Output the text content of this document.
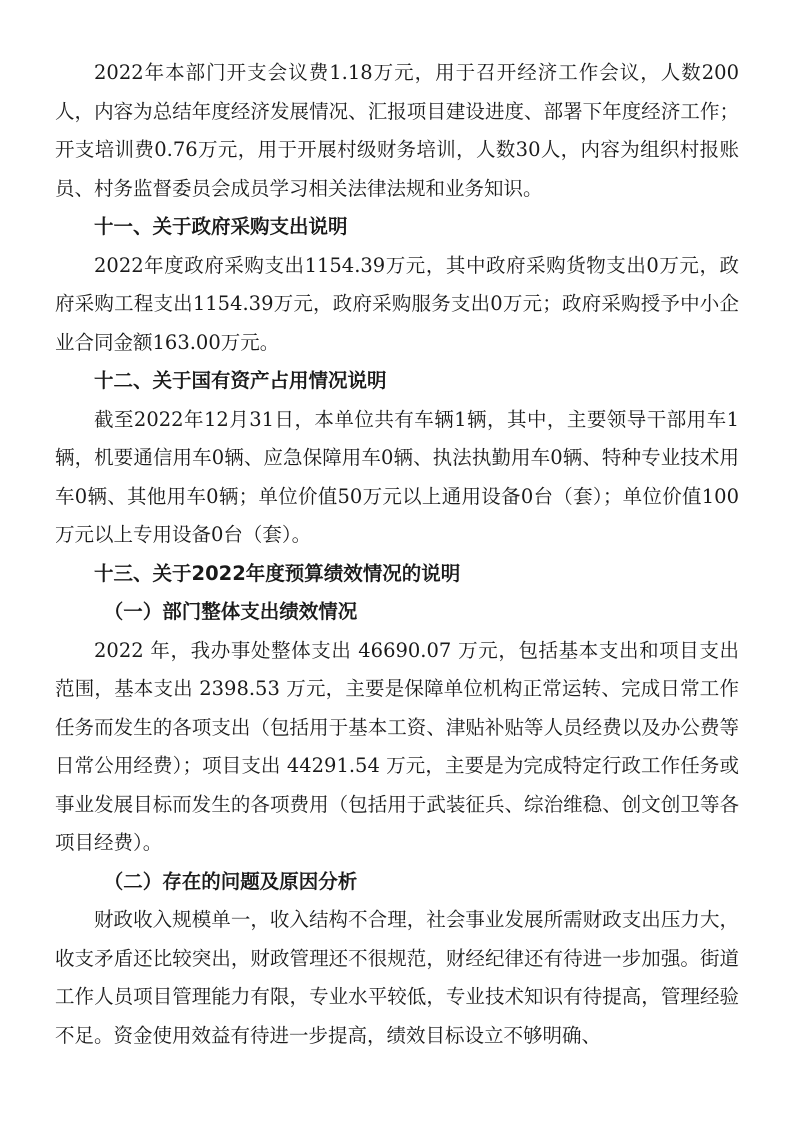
2022年本部门开支会议费1.18万元，用于召开经济工作会议，人数200人，内容为总结年度经济发展情况、汇报项目建设进度、部署下年度经济工作；开支培训费0.76万元，用于开展村级财务培训，人数30人，内容为组织村报账员、村务监督委员会成员学习相关法律法规和业务知识。

十一、关于政府采购支出说明

2022年度政府采购支出1154.39万元，其中政府采购货物支出0万元，政府采购工程支出1154.39万元，政府采购服务支出0万元；政府采购授予中小企业合同金额163.00万元。

十二、关于国有资产占用情况说明

截至2022年12月31日，本单位共有车辆1辆，其中，主要领导干部用车1辆，机要通信用车0辆、应急保障用车0辆、执法执勤用车0辆、特种专业技术用车0辆、其他用车0辆；单位价值50万元以上通用设备0台（套）；单位价值100万元以上专用设备0台（套）。

十三、关于2022年度预算绩效情况的说明
（一）部门整体支出绩效情况

2022 年，我办事处整体支出 46690.07 万元，包括基本支出和项目支出范围，基本支出 2398.53 万元，主要是保障单位机构正常运转、完成日常工作任务而发生的各项支出（包括用于基本工资、津贴补贴等人员经费以及办公费等日常公用经费）；项目支出 44291.54 万元，主要是为完成特定行政工作任务或事业发展目标而发生的各项费用（包括用于武装征兵、综治维稳、创文创卫等各项目经费）。

（二）存在的问题及原因分析

财政收入规模单一，收入结构不合理，社会事业发展所需财政支出压力大，收支矛盾还比较突出，财政管理还不很规范，财经纪律还有待进一步加强。街道工作人员项目管理能力有限，专业水平较低，专业技术知识有待提高，管理经验不足。资金使用效益有待进一步提高，绩效目标设立不够明确、
